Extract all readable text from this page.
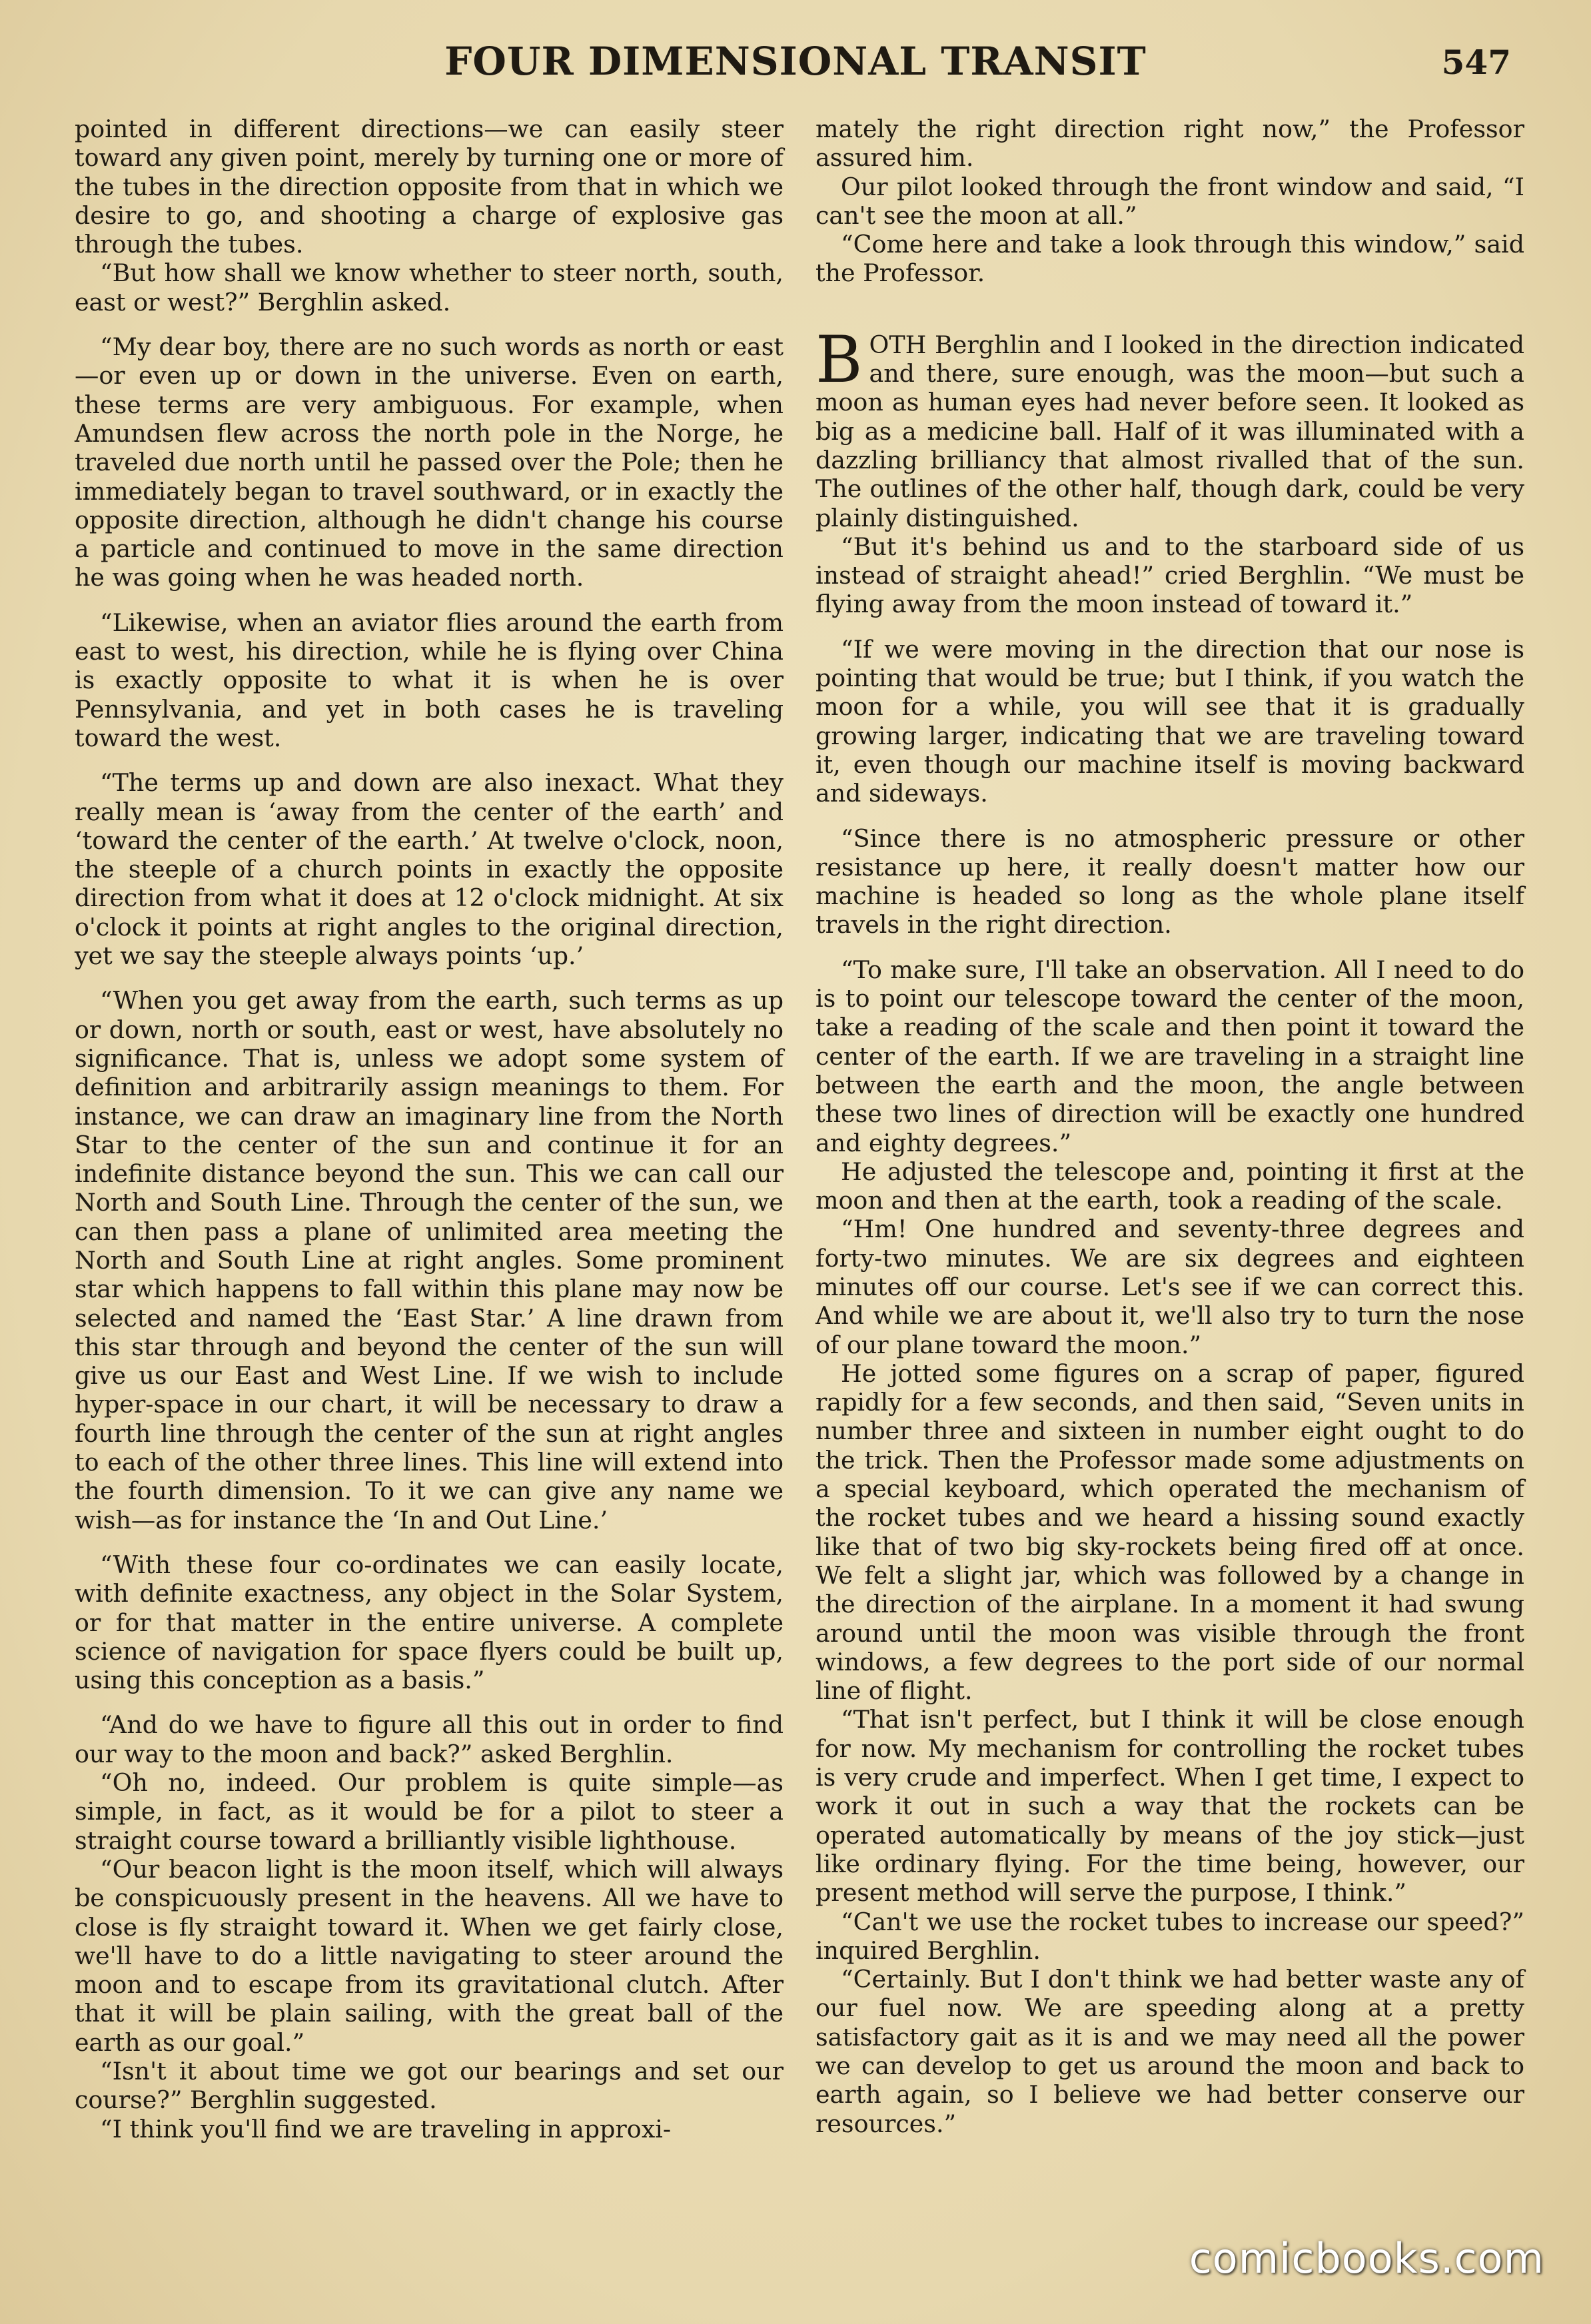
FOUR DIMENSIONAL TRANSIT	547

pointed in different directions—we can easily steer toward any given point, merely by turning one or more of the tubes in the direction opposite from that in which we desire to go, and shooting a charge of explosive gas through the tubes.

“But how shall we know whether to steer north, south, east or west?” Berghlin asked.

“My dear boy, there are no such words as north or east—or even up or down in the universe. Even on earth, these terms are very ambiguous. For example, when Amundsen flew across the north pole in the Norge, he traveled due north until he passed over the Pole; then he immediately began to travel southward, or in exactly the opposite direction, although he didn't change his course a particle and continued to move in the same direction he was going when he was headed north.

“Likewise, when an aviator flies around the earth from east to west, his direction, while he is flying over China is exactly opposite to what it is when he is over Pennsylvania, and yet in both cases he is traveling toward the west.

“The terms up and down are also inexact. What they really mean is ‘away from the center of the earth’ and ‘toward the center of the earth.’ At twelve o'clock, noon, the steeple of a church points in exactly the opposite direction from what it does at 12 o'clock midnight. At six o'clock it points at right angles to the original direction, yet we say the steeple always points ‘up.’

“When you get away from the earth, such terms as up or down, north or south, east or west, have absolutely no significance. That is, unless we adopt some system of definition and arbitrarily assign meanings to them. For instance, we can draw an imaginary line from the North Star to the center of the sun and continue it for an indefinite distance beyond the sun. This we can call our North and South Line. Through the center of the sun, we can then pass a plane of unlimited area meeting the North and South Line at right angles. Some prominent star which happens to fall within this plane may now be selected and named the ‘East Star.’ A line drawn from this star through and beyond the center of the sun will give us our East and West Line. If we wish to include hyper-space in our chart, it will be necessary to draw a fourth line through the center of the sun at right angles to each of the other three lines. This line will extend into the fourth dimension. To it we can give any name we wish—as for instance the ‘In and Out Line.’

“With these four co-ordinates we can easily locate, with definite exactness, any object in the Solar System, or for that matter in the entire universe. A complete science of navigation for space flyers could be built up, using this conception as a basis.”

“And do we have to figure all this out in order to find our way to the moon and back?” asked Berghlin.

“Oh no, indeed. Our problem is quite simple—as simple, in fact, as it would be for a pilot to steer a straight course toward a brilliantly visible lighthouse.

“Our beacon light is the moon itself, which will always be conspicuously present in the heavens. All we have to close is fly straight toward it. When we get fairly close, we'll have to do a little navigating to steer around the moon and to escape from its gravitational clutch. After that it will be plain sailing, with the great ball of the earth as our goal.”

“Isn't it about time we got our bearings and set our course?” Berghlin suggested.

“I think you'll find we are traveling in approxi-

mately the right direction right now,” the Professor assured him.

Our pilot looked through the front window and said, “I can't see the moon at all.”

“Come here and take a look through this window,” said the Professor.

BOTH Berghlin and I looked in the direction indicated and there, sure enough, was the moon—but such a moon as human eyes had never before seen. It looked as big as a medicine ball. Half of it was illuminated with a dazzling brilliancy that almost rivalled that of the sun. The outlines of the other half, though dark, could be very plainly distinguished.

“But it's behind us and to the starboard side of us instead of straight ahead!” cried Berghlin. “We must be flying away from the moon instead of toward it.”

“If we were moving in the direction that our nose is pointing that would be true; but I think, if you watch the moon for a while, you will see that it is gradually growing larger, indicating that we are traveling toward it, even though our machine itself is moving backward and sideways.

“Since there is no atmospheric pressure or other resistance up here, it really doesn't matter how our machine is headed so long as the whole plane itself travels in the right direction.

“To make sure, I'll take an observation. All I need to do is to point our telescope toward the center of the moon, take a reading of the scale and then point it toward the center of the earth. If we are traveling in a straight line between the earth and the moon, the angle between these two lines of direction will be exactly one hundred and eighty degrees.”

He adjusted the telescope and, pointing it first at the moon and then at the earth, took a reading of the scale.

“Hm! One hundred and seventy-three degrees and forty-two minutes. We are six degrees and eighteen minutes off our course. Let's see if we can correct this. And while we are about it, we'll also try to turn the nose of our plane toward the moon.”

He jotted some figures on a scrap of paper, figured rapidly for a few seconds, and then said, “Seven units in number three and sixteen in number eight ought to do the trick. Then the Professor made some adjustments on a special keyboard, which operated the mechanism of the rocket tubes and we heard a hissing sound exactly like that of two big sky-rockets being fired off at once. We felt a slight jar, which was followed by a change in the direction of the airplane. In a moment it had swung around until the moon was visible through the front windows, a few degrees to the port side of our normal line of flight.

“That isn't perfect, but I think it will be close enough for now. My mechanism for controlling the rocket tubes is very crude and imperfect. When I get time, I expect to work it out in such a way that the rockets can be operated automatically by means of the joy stick—just like ordinary flying. For the time being, however, our present method will serve the purpose, I think.”

“Can't we use the rocket tubes to increase our speed?” inquired Berghlin.

“Certainly. But I don't think we had better waste any of our fuel now. We are speeding along at a pretty satisfactory gait as it is and we may need all the power we can develop to get us around the moon and back to earth again, so I believe we had better conserve our resources.”

comicbooks.com
